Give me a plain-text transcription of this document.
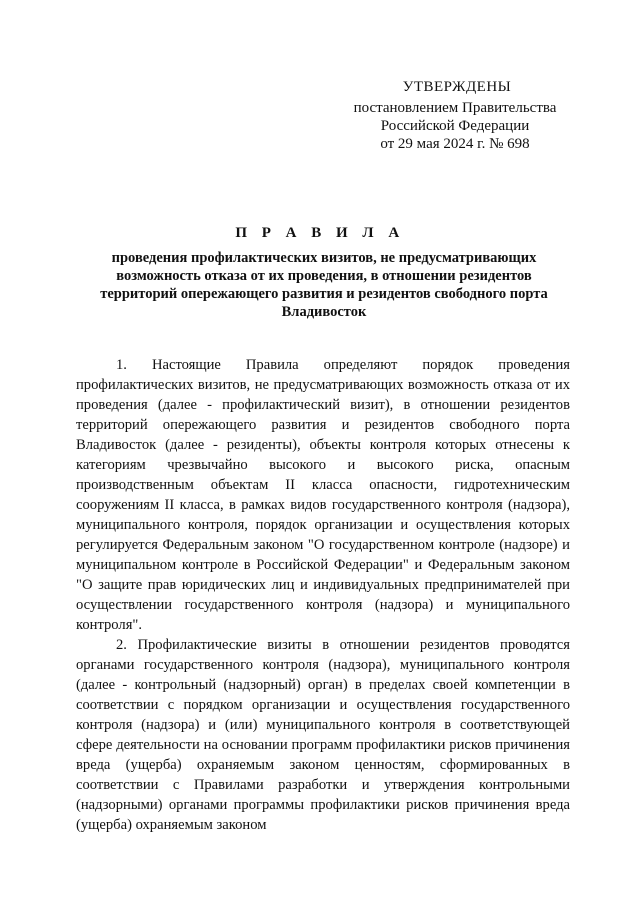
УТВЕРЖДЕНЫ
постановлением Правительства
Российской Федерации
от 29 мая 2024 г. № 698
П Р А В И Л А
проведения профилактических визитов, не предусматривающих возможность отказа от их проведения, в отношении резидентов территорий опережающего развития и резидентов свободного порта Владивосток

1. Настоящие Правила определяют порядок проведения профилактических визитов, не предусматривающих возможность отказа от их проведения (далее - профилактический визит), в отношении резидентов территорий опережающего развития и резидентов свободного порта Владивосток (далее - резиденты), объекты контроля которых отнесены к категориям чрезвычайно высокого и высокого риска, опасным производственным объектам II класса опасности, гидротехническим сооружениям II класса, в рамках видов государственного контроля (надзора), муниципального контроля, порядок организации и осуществления которых регулируется Федеральным законом "О государственном контроле (надзоре) и муниципальном контроле в Российской Федерации" и Федеральным законом "О защите прав юридических лиц и индивидуальных предпринимателей при осуществлении государственного контроля (надзора) и муниципального контроля".

2. Профилактические визиты в отношении резидентов проводятся органами государственного контроля (надзора), муниципального контроля (далее - контрольный (надзорный) орган) в пределах своей компетенции в соответствии с порядком организации и осуществления государственного контроля (надзора) и (или) муниципального контроля в соответствующей сфере деятельности на основании программ профилактики рисков причинения вреда (ущерба) охраняемым законом ценностям, сформированных в соответствии с Правилами разработки и утверждения контрольными (надзорными) органами программы профилактики рисков причинения вреда (ущерба) охраняемым законом
